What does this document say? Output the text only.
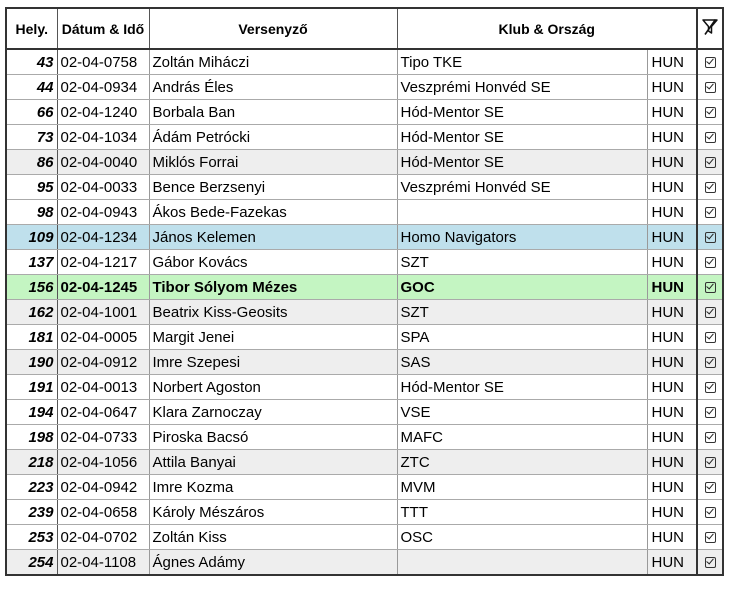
Hely.	Dátum & Idő	Versenyző	Klub & Ország	
43	02-04-0758	Zoltán Miháczi	Tipo TKE	HUN	
44	02-04-0934	András Éles	Veszprémi Honvéd SE	HUN	
66	02-04-1240	Borbala Ban	Hód-Mentor SE	HUN	
73	02-04-1034	Ádám Petrócki	Hód-Mentor SE	HUN	
86	02-04-0040	Miklós Forrai	Hód-Mentor SE	HUN	
95	02-04-0033	Bence Berzsenyi	Veszprémi Honvéd SE	HUN	
98	02-04-0943	Ákos Bede-Fazekas		HUN	
109	02-04-1234	János Kelemen	Homo Navigators	HUN	
137	02-04-1217	Gábor Kovács	SZT	HUN	
156	02-04-1245	Tibor Sólyom Mézes	GOC	HUN	
162	02-04-1001	Beatrix Kiss-Geosits	SZT	HUN	
181	02-04-0005	Margit Jenei	SPA	HUN	
190	02-04-0912	Imre Szepesi	SAS	HUN	
191	02-04-0013	Norbert Agoston	Hód-Mentor SE	HUN	
194	02-04-0647	Klara Zarnoczay	VSE	HUN	
198	02-04-0733	Piroska Bacsó	MAFC	HUN	
218	02-04-1056	Attila Banyai	ZTC	HUN	
223	02-04-0942	Imre Kozma	MVM	HUN	
239	02-04-0658	Károly Mészáros	TTT	HUN	
253	02-04-0702	Zoltán Kiss	OSC	HUN	
254	02-04-1108	Ágnes Adámy		HUN	
